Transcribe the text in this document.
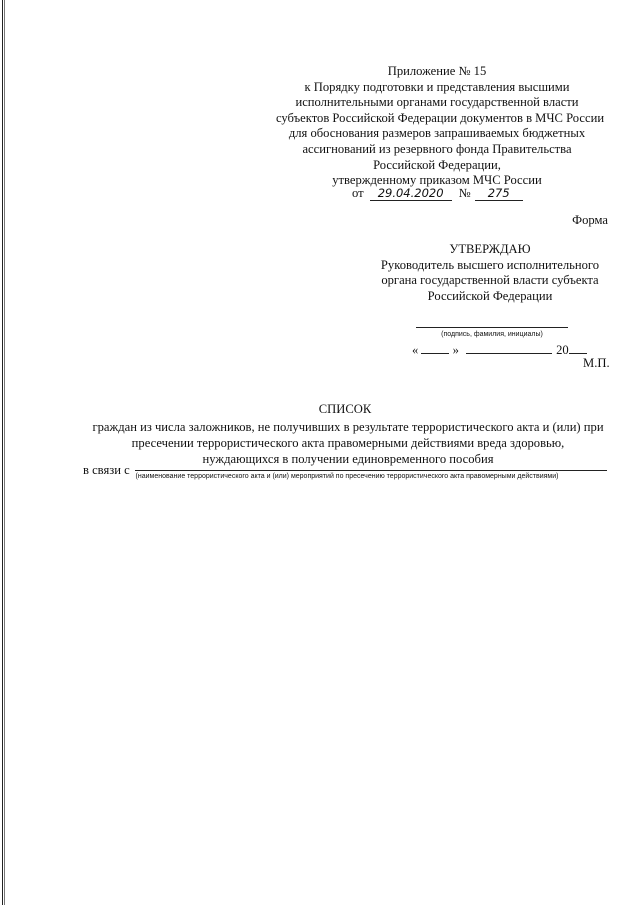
Приложение № 15
к Порядку подготовки и представления высшими
исполнительными органами государственной власти
субъектов Российской Федерации документов в МЧС России
для обоснования размеров запрашиваемых бюджетных
ассигнований из резервного фонда Правительства
Российской Федерации,
утвержденному приказом МЧС России
от 29.04.2020 № 275
Форма
УТВЕРЖДАЮ
Руководитель высшего исполнительного
органа государственной власти субъекта
Российской Федерации
(подпись, фамилия, инициалы)
«	»	20
М.П.
СПИСОК
граждан из числа заложников, не получивших в результате террористического акта и (или) при
пресечении террористического акта правомерными действиями вреда здоровью,
нуждающихся в получении единовременного пособия
в связи с (наименование террористического акта и (или) мероприятий по пресечению террористического акта правомерными действиями)
